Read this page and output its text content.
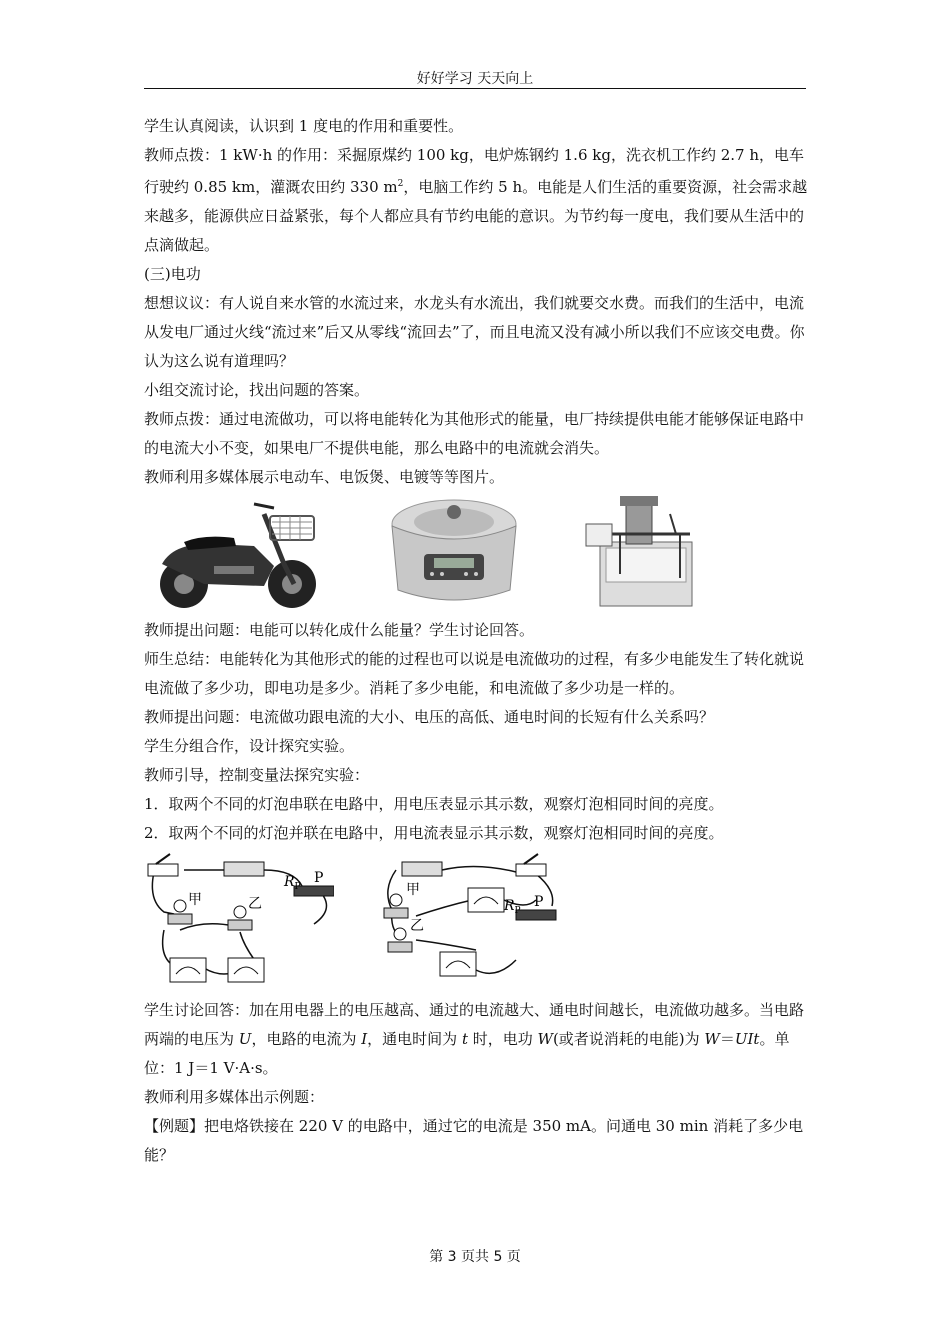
好好学习 天天向上

学生认真阅读，认识到 1 度电的作用和重要性。

教师点拨：1 kW·h 的作用：采掘原煤约 100 kg，电炉炼钢约 1.6 kg，洗衣机工作约 2.7 h，电车行驶约 0.85 km，灌溉农田约 330 $m^2$，电脑工作约 5 h。电能是人们生活的重要资源，社会需求越来越多，能源供应日益紧张，每个人都应具有节约电能的意识。为节约每一度电，我们要从生活中的点滴做起。

(三)电功

想想议议：有人说自来水管的水流过来，水龙头有水流出，我们就要交水费。而我们的生活中，电流从发电厂通过火线“流过来”后又从零线“流回去”了，而且电流又没有减小所以我们不应该交电费。你认为这么说有道理吗？

小组交流讨论，找出问题的答案。

教师点拨：通过电流做功，可以将电能转化为其他形式的能量，电厂持续提供电能才能够保证电路中的电流大小不变，如果电厂不提供电能，那么电路中的电流就会消失。

教师利用多媒体展示电动车、电饭煲、电镀等等图片。

教师提出问题：电能可以转化成什么能量？学生讨论回答。

师生总结：电能转化为其他形式的能的过程也可以说是电流做功的过程，有多少电能发生了转化就说电流做了多少功，即电功是多少。消耗了多少电能，和电流做了多少功是一样的。

教师提出问题：电流做功跟电流的大小、电压的高低、通电时间的长短有什么关系吗？

学生分组合作，设计探究实验。

教师引导，控制变量法探究实验：

1．取两个不同的灯泡串联在电路中，用电压表显示其示数，观察灯泡相同时间的亮度。

2．取两个不同的灯泡并联在电路中，用电流表显示其示数，观察灯泡相同时间的亮度。

甲	乙
$R_P$
P
甲
乙
$R_P$
P

学生讨论回答：加在用电器上的电压越高、通过的电流越大、通电时间越长，电流做功越多。当电路两端的电压为 U，电路的电流为 I，通电时间为 t 时，电功 W(或者说消耗的电能)为 W＝UIt。单位：1 J＝1 V·A·s。

教师利用多媒体出示例题：

【例题】把电烙铁接在 220 V 的电路中，通过它的电流是 350 mA。问通电 30 min 消耗了多少电能？

第 3 页共 5 页
